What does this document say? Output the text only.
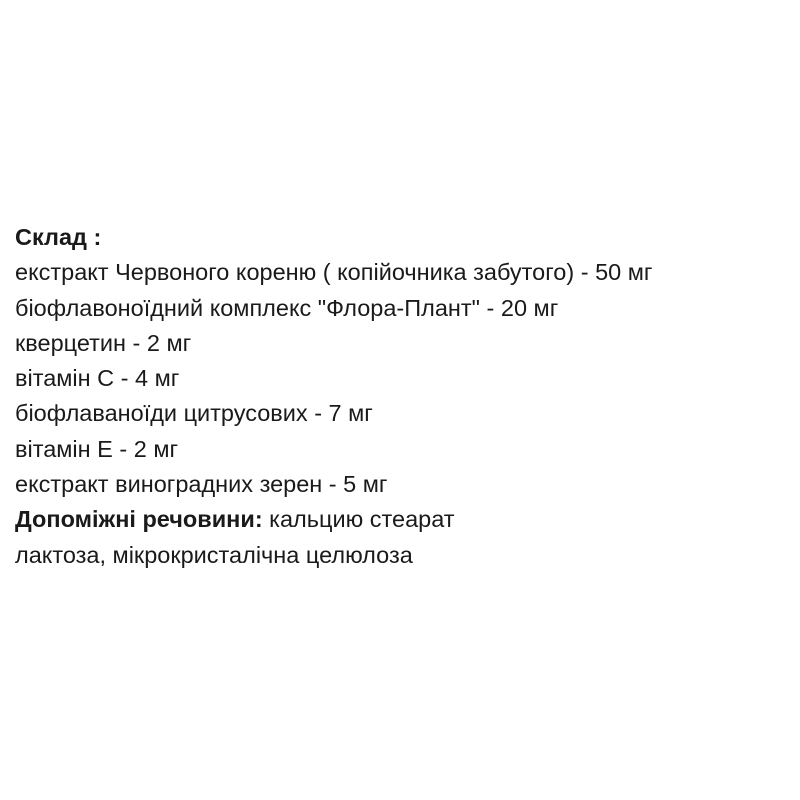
Склад :
екстракт Червоного кореню ( копійочника забутого) - 50 мг
біофлавоноїдний комплекс "Флора-Плант" - 20 мг
кверцетин - 2 мг
вітамін С - 4 мг
біофлаваноїди цитрусових - 7 мг
вітамін Е - 2 мг
екстракт виноградних зерен - 5 мг
Допоміжні речовини: кальцию стеарат
лактоза, мікрокристалічна целюлоза
